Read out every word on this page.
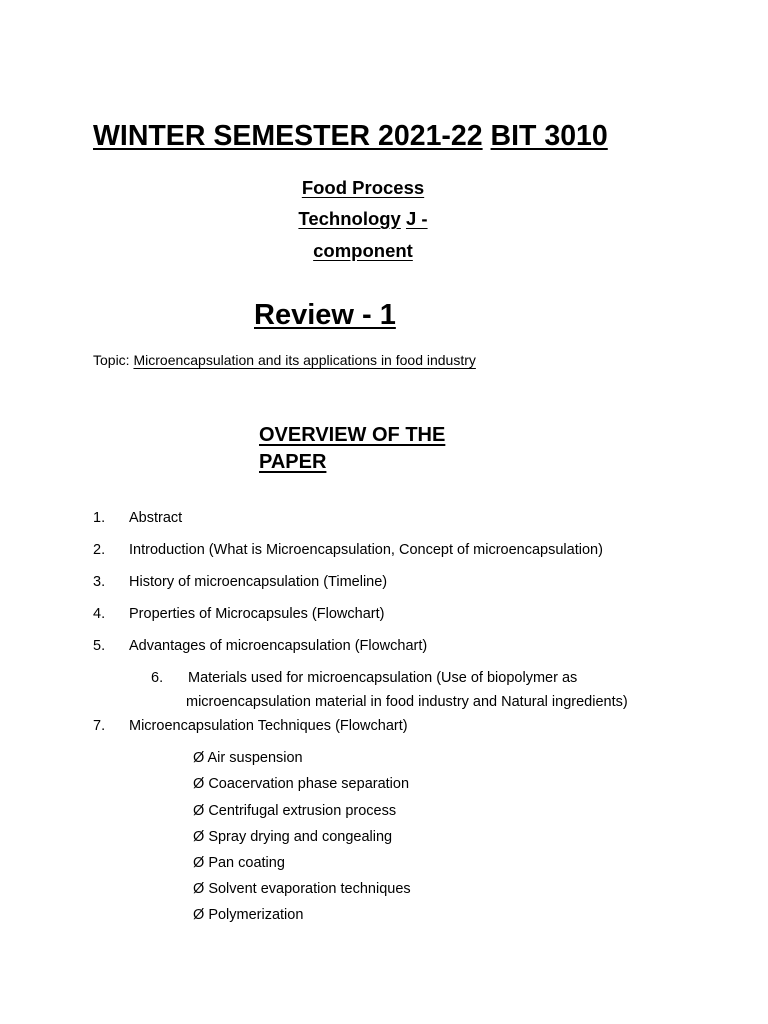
WINTER SEMESTER 2021-22 BIT 3010
Food Process
Technology J -
component
Review - 1
Topic: Microencapsulation and its applications in food industry
OVERVIEW OF THE
PAPER
1. Abstract
2. Introduction (What is Microencapsulation, Concept of microencapsulation)
3. History of microencapsulation (Timeline)
4. Properties of Microcapsules (Flowchart)
5. Advantages of microencapsulation (Flowchart)
6. Materials used for microencapsulation (Use of biopolymer as
microencapsulation material in food industry and Natural ingredients)
7. Microencapsulation Techniques (Flowchart)
Ø Air suspension
Ø Coacervation phase separation
Ø Centrifugal extrusion process
Ø Spray drying and congealing
Ø Pan coating
Ø Solvent evaporation techniques
Ø Polymerization
